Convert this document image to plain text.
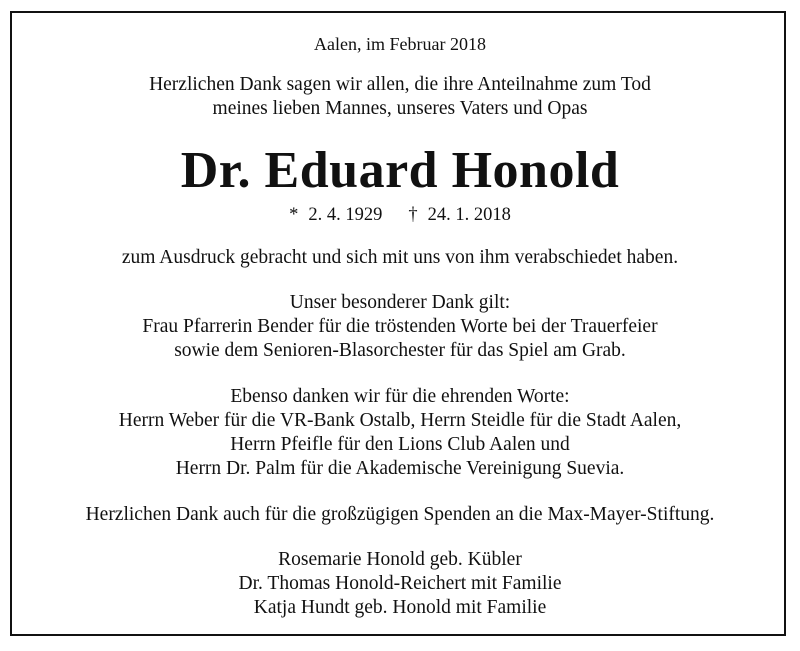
Aalen, im Februar 2018
Herzlichen Dank sagen wir allen, die ihre Anteilnahme zum Tod
meines lieben Mannes, unseres Vaters und Opas
Dr. Eduard Honold
* 2. 4. 1929 † 24. 1. 2018
zum Ausdruck gebracht und sich mit uns von ihm verabschiedet haben.
Unser besonderer Dank gilt:
Frau Pfarrerin Bender für die tröstenden Worte bei der Trauerfeier
sowie dem Senioren-Blasorchester für das Spiel am Grab.
Ebenso danken wir für die ehrenden Worte:
Herrn Weber für die VR-Bank Ostalb, Herrn Steidle für die Stadt Aalen,
Herrn Pfeifle für den Lions Club Aalen und
Herrn Dr. Palm für die Akademische Vereinigung Suevia.
Herzlichen Dank auch für die großzügigen Spenden an die Max-Mayer-Stiftung.
Rosemarie Honold geb. Kübler
Dr. Thomas Honold-Reichert mit Familie
Katja Hundt geb. Honold mit Familie
